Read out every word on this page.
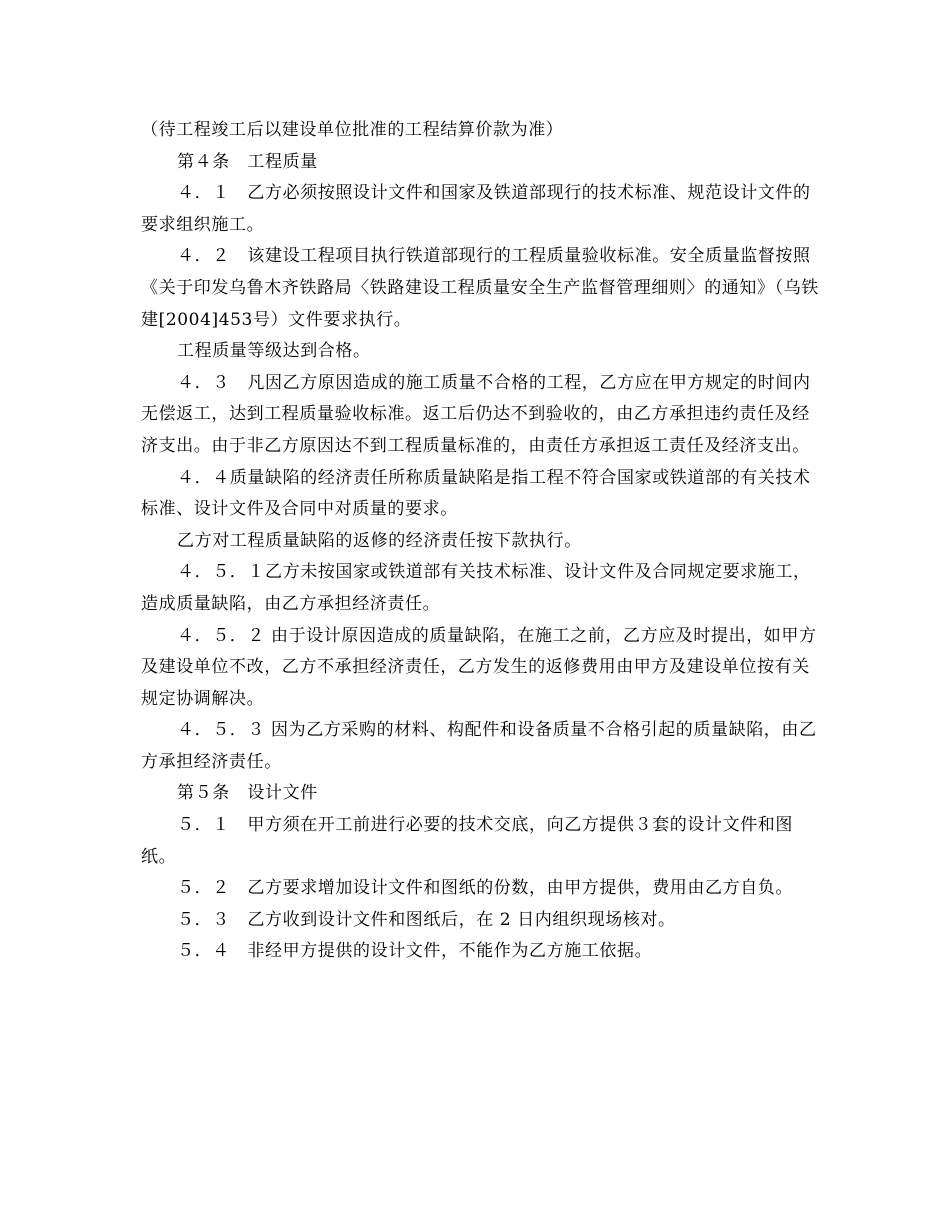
（待工程竣工后以建设单位批准的工程结算价款为准）

第４条　工程质量

４．１　乙方必须按照设计文件和国家及铁道部现行的技术标准、规范设计文件的要求组织施工。

４．２　该建设工程项目执行铁道部现行的工程质量验收标准。安全质量监督按照《关于印发乌鲁木齐铁路局〈铁路建设工程质量安全生产监督管理细则〉的通知》（乌铁建[2004]453号）文件要求执行。

工程质量等级达到合格。

４．３　凡因乙方原因造成的施工质量不合格的工程，乙方应在甲方规定的时间内无偿返工，达到工程质量验收标准。返工后仍达不到验收的，由乙方承担违约责任及经济支出。由于非乙方原因达不到工程质量标准的，由责任方承担返工责任及经济支出。

４．４质量缺陷的经济责任所称质量缺陷是指工程不符合国家或铁道部的有关技术标准、设计文件及合同中对质量的要求。

乙方对工程质量缺陷的返修的经济责任按下款执行。

４．５．１乙方未按国家或铁道部有关技术标准、设计文件及合同规定要求施工，造成质量缺陷，由乙方承担经济责任。

４．５．２ 由于设计原因造成的质量缺陷，在施工之前，乙方应及时提出，如甲方及建设单位不改，乙方不承担经济责任，乙方发生的返修费用由甲方及建设单位按有关规定协调解决。

４．５．３ 因为乙方采购的材料、构配件和设备质量不合格引起的质量缺陷，由乙方承担经济责任。

第５条　设计文件

５．１　甲方须在开工前进行必要的技术交底，向乙方提供３套的设计文件和图纸。

５．２　乙方要求增加设计文件和图纸的份数，由甲方提供，费用由乙方自负。

５．３　乙方收到设计文件和图纸后，在 2 日内组织现场核对。

５．４　非经甲方提供的设计文件，不能作为乙方施工依据。
